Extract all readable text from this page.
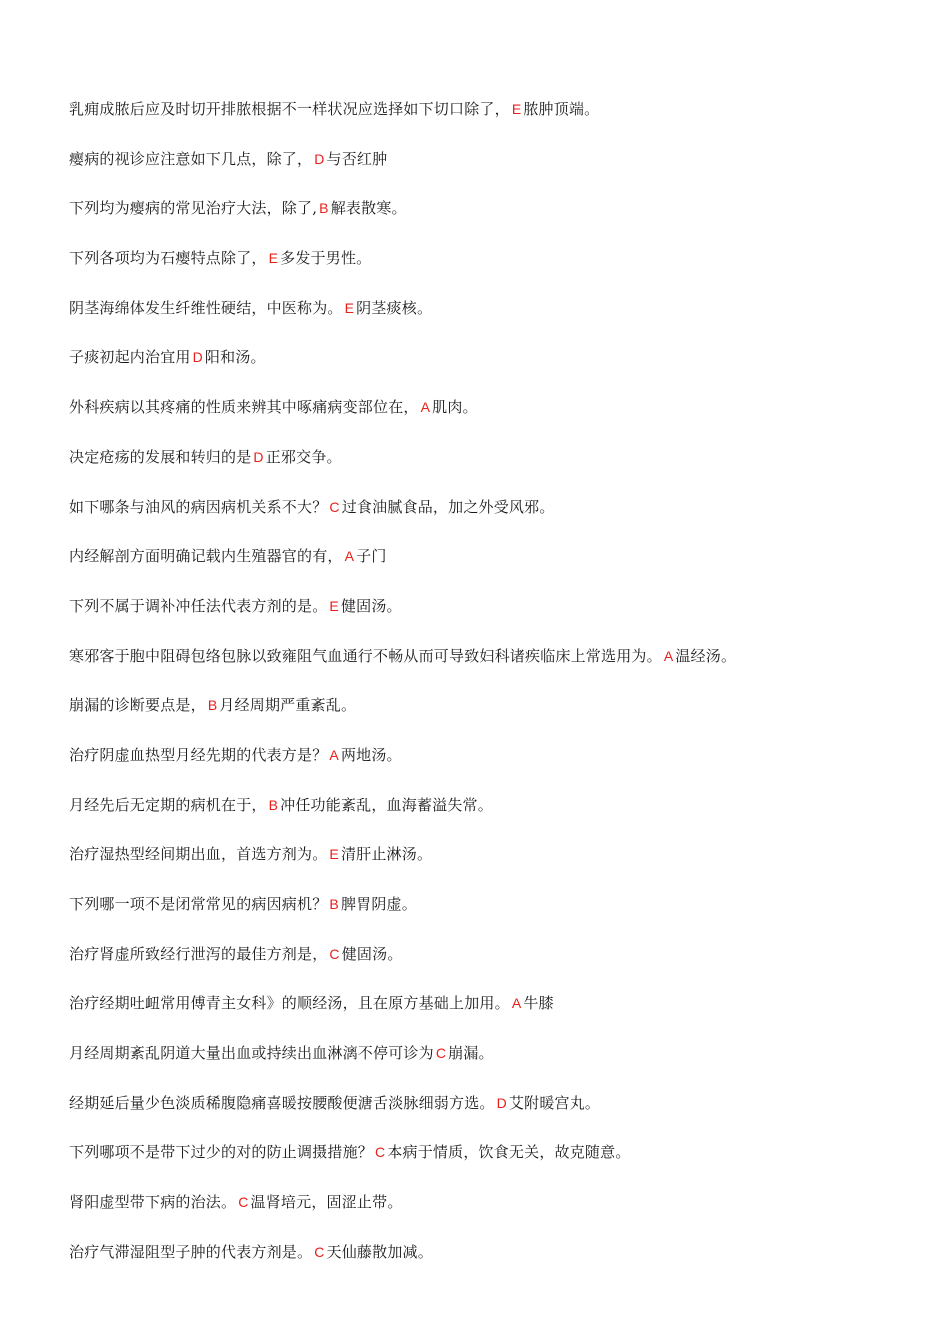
乳痈成脓后应及时切开排脓根据不一样状况应选择如下切口除了， E 脓肿顶端。
瘿病的视诊应注意如下几点，除了， D 与否红肿
下列均为瘿病的常见治疗大法，除了, B 解表散寒。
下列各项均为石瘿特点除了， E 多发于男性。
阴茎海绵体发生纤维性硬结，中医称为。 E 阴茎痰核。
子痰初起内治宜用 D 阳和汤。
外科疾病以其疼痛的性质来辨其中啄痛病变部位在， A 肌肉。
决定疮疡的发展和转归的是 D 正邪交争。
如下哪条与油风的病因病机关系不大？ C 过食油腻食品，加之外受风邪。
内经解剖方面明确记载内生殖器官的有， A 子门
下列不属于调补冲任法代表方剂的是。 E 健固汤。
寒邪客于胞中阻碍包络包脉以致雍阻气血通行不畅从而可导致妇科诸疾临床上常选用为。 A 温经汤。
崩漏的诊断要点是， B 月经周期严重紊乱。
治疗阴虚血热型月经先期的代表方是？ A 两地汤。
月经先后无定期的病机在于， B 冲任功能紊乱，血海蓄溢失常。
治疗湿热型经间期出血，首选方剂为。 E 清肝止淋汤。
下列哪一项不是闭常常见的病因病机？ B 脾胃阴虚。
治疗肾虚所致经行泄泻的最佳方剂是， C 健固汤。
治疗经期吐衄常用傅青主女科》的顺经汤，且在原方基础上加用。 A 牛膝
月经周期紊乱阴道大量出血或持续出血淋漓不停可诊为 C 崩漏。
经期延后量少色淡质稀腹隐痛喜暖按腰酸便溏舌淡脉细弱方选。 D 艾附暖宫丸。
下列哪项不是带下过少的对的防止调摄措施？ C 本病于情质，饮食无关，故克随意。
肾阳虚型带下病的治法。 C 温肾培元，固涩止带。
治疗气滞湿阻型子肿的代表方剂是。 C 天仙藤散加减。
